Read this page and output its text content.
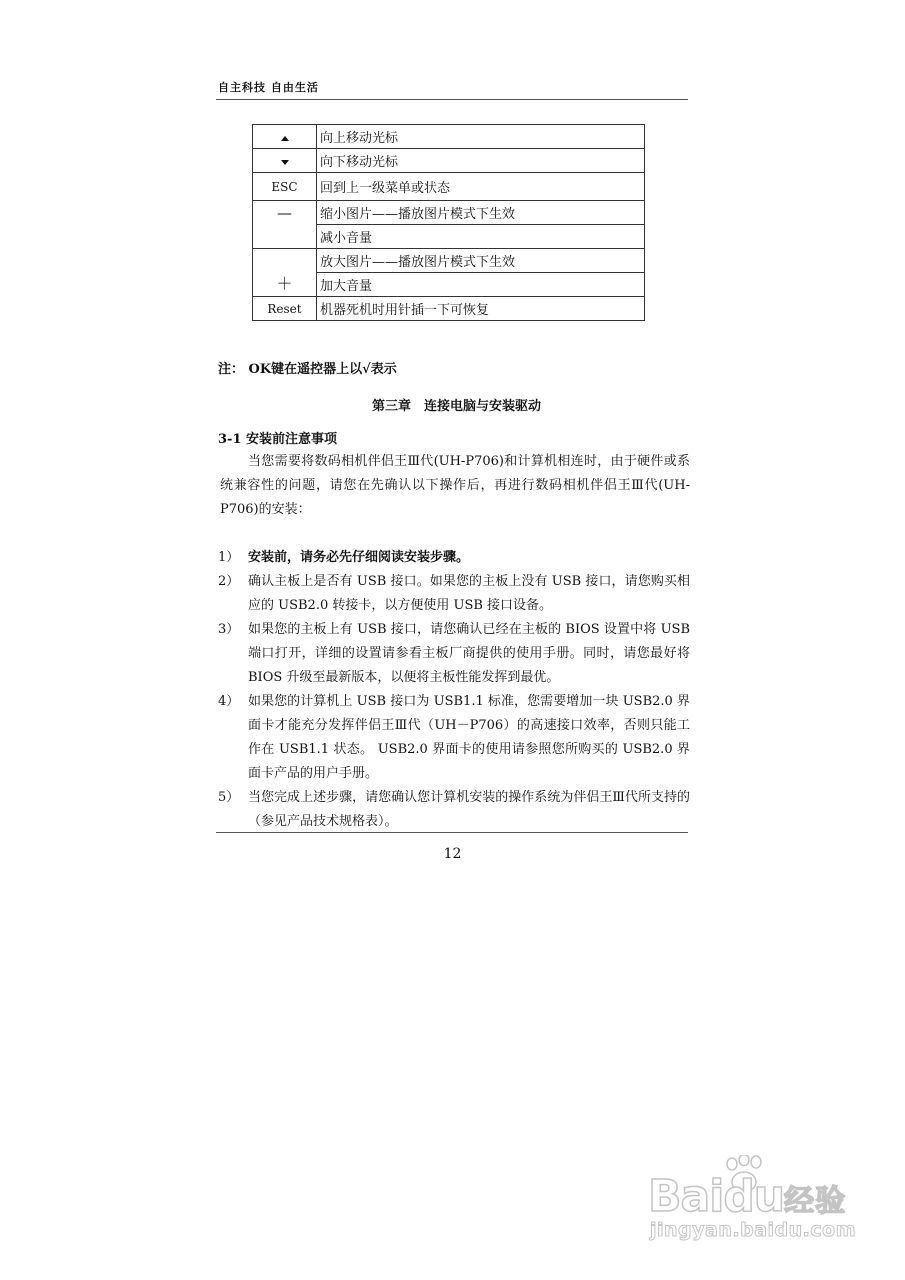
自主科技 自由生活
	向上移动光标
	向下移动光标
ESC	回到上一级菜单或状态
—	缩小图片——播放图片模式下生效
	减小音量
＋	放大图片——播放图片模式下生效
	加大音量
Reset	机器死机时用针插一下可恢复
注： OK键在遥控器上以√表示
第三章　连接电脑与安装驱动
3-1 安装前注意事项

当您需要将数码相机伴侣王Ⅲ代(UH-P706)和计算机相连时，由于硬件或系统兼容性的问题，请您在先确认以下操作后，再进行数码相机伴侣王Ⅲ代(UH-P706)的安装：

1） 安装前，请务必先仔细阅读安装步骤。
2） 确认主板上是否有 USB 接口。如果您的主板上没有 USB 接口，请您购买相应的 USB2.0 转接卡，以方便使用 USB 接口设备。
3） 如果您的主板上有 USB 接口，请您确认已经在主板的 BIOS 设置中将 USB 端口打开，详细的设置请参看主板厂商提供的使用手册。同时，请您最好将 BIOS 升级至最新版本，以便将主板性能发挥到最优。
4） 如果您的计算机上 USB 接口为 USB1.1 标准，您需要增加一块 USB2.0 界面卡才能充分发挥伴侣王Ⅲ代（UH－P706）的高速接口效率，否则只能工作在 USB1.1 状态。 USB2.0 界面卡的使用请参照您所购买的 USB2.0 界面卡产品的用户手册。
5） 当您完成上述步骤，请您确认您计算机安装的操作系统为伴侣王Ⅲ代所支持的（参见产品技术规格表）。
12
Baidu经验
jingyan.baidu.com
